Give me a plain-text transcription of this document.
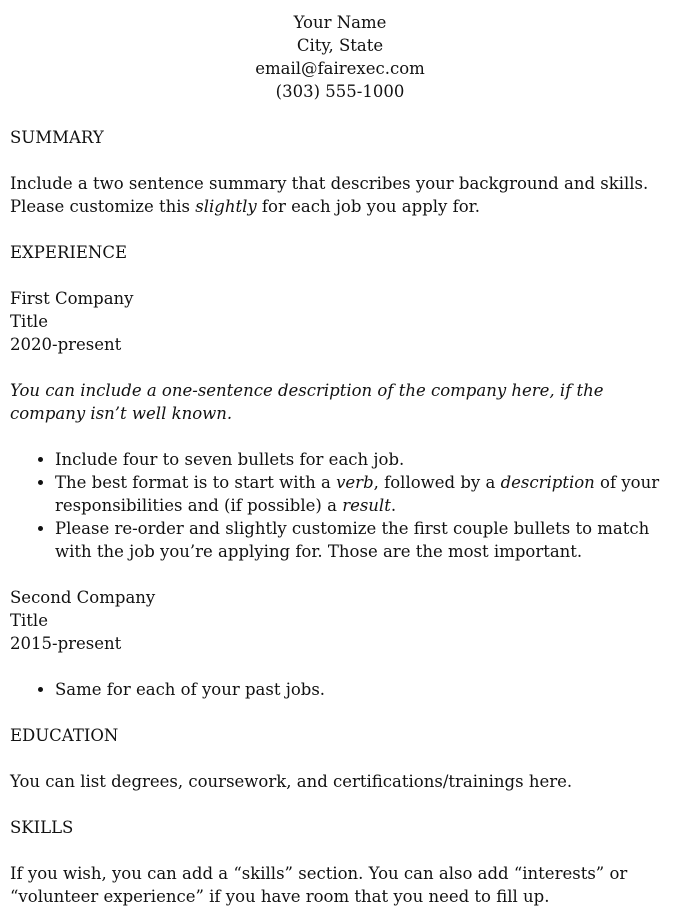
Your Name
City, State
email@fairexec.com
(303) 555-1000
SUMMARY

Include a two sentence summary that describes your background and skills.
Please customize this slightly for each job you apply for.

EXPERIENCE
First Company
Title
2020-present

You can include a one-sentence description of the company here, if the company isn’t well known.

• Include four to seven bullets for each job.
• The best format is to start with a verb, followed by a description of your responsibilities and (if possible) a result.
• Please re-order and slightly customize the first couple bullets to match with the job you’re applying for. Those are the most important.
Second Company
Title
2015-present
• Same for each of your past jobs.
EDUCATION

You can list degrees, coursework, and certifications/trainings here.

SKILLS

If you wish, you can add a “skills” section. You can also add “interests” or “volunteer experience” if you have room that you need to fill up.
